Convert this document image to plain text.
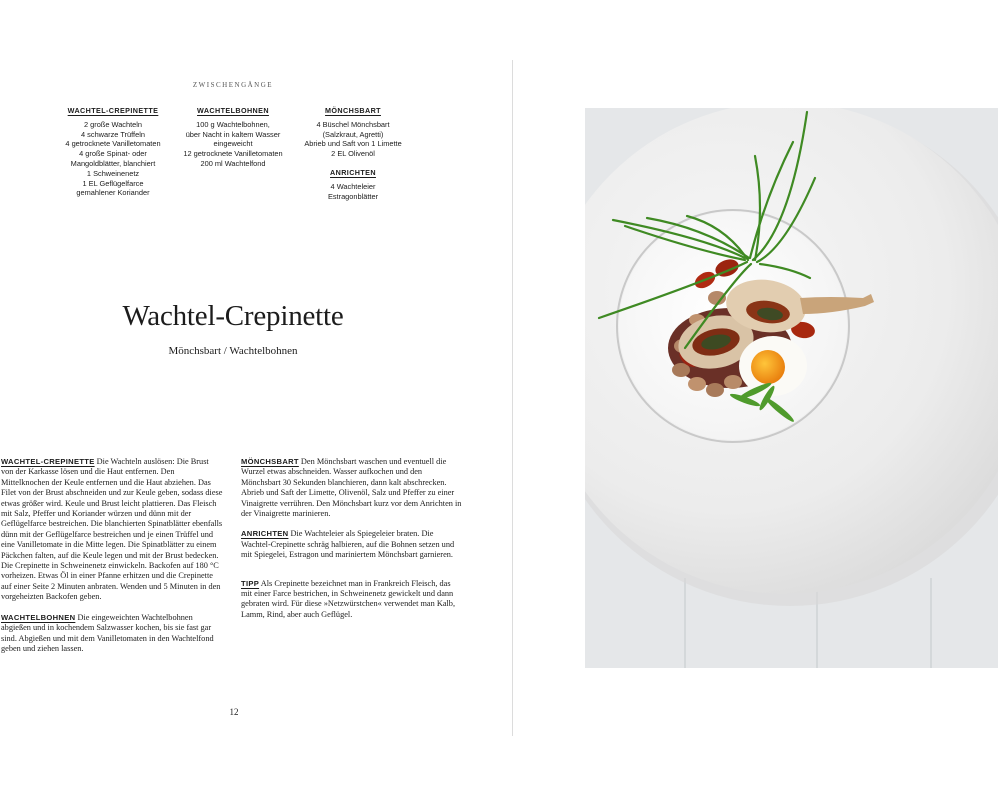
ZWISCHENGÄNGE
WACHTEL-CREPINETTE
2 große Wachteln
4 schwarze Trüffeln
4 getrocknete Vanilletomaten
4 große Spinat- oder
Mangoldblätter, blanchiert
1 Schweinenetz
1 EL Geflügelfarce
gemahlener Koriander
WACHTELBOHNEN
100 g Wachtelbohnen,
über Nacht in kaltem Wasser
eingeweicht
12 getrocknete Vanilletomaten
200 ml Wachtelfond
MÖNCHSBART
4 Büschel Mönchsbart
(Salzkraut, Agretti)
Abrieb und Saft von 1 Limette
2 EL Olivenöl
ANRICHTEN
4 Wachteleier
Estragonblätter
Wachtel-Crepinette
Mönchsbart / Wachtelbohnen

WACHTEL-CREPINETTE Die Wachteln auslösen: Die Brust von der Karkasse lösen und die Haut entfernen. Den Mittelknochen der Keule entfernen und die Haut abziehen. Das Filet von der Brust abschneiden und zur Keule geben, sodass diese etwas größer wird. Keule und Brust leicht plattieren. Das Fleisch mit Salz, Pfeffer und Koriander würzen und dünn mit der Geflügelfarce bestreichen. Die blanchierten Spinatblätter ebenfalls dünn mit der Geflügelfarce bestreichen und je einen Trüffel und eine Vanilletomate in die Mitte legen. Die Spinatblätter zu einem Päckchen falten, auf die Keule legen und mit der Brust bedecken. Die Crepinette in Schweinenetz einwickeln. Backofen auf 180 °C vorheizen. Etwas Öl in einer Pfanne erhitzen und die Crepinette auf einer Seite 2 Minuten anbraten. Wenden und 5 Minuten in den vorgeheizten Backofen geben.

WACHTELBOHNEN Die eingeweichten Wachtelbohnen abgießen und in kochendem Salzwasser kochen, bis sie fast gar sind. Abgießen und mit dem Vanilletomaten in den Wachtelfond geben und ziehen lassen.

MÖNCHSBART Den Mönchsbart waschen und eventuell die Wurzel etwas abschneiden. Wasser aufkochen und den Mönchsbart 30 Sekunden blanchieren, dann kalt abschrecken. Abrieb und Saft der Limette, Olivenöl, Salz und Pfeffer zu einer Vinaigrette verrühren. Den Mönchsbart kurz vor dem Anrichten in der Vinaigrette marinieren.

ANRICHTEN Die Wachteleier als Spiegeleier braten. Die Wachtel-Crepinette schräg halbieren, auf die Bohnen setzen und mit Spiegelei, Estragon und mariniertem Mönchsbart garnieren.

TIPP Als Crepinette bezeichnet man in Frankreich Fleisch, das mit einer Farce bestrichen, in Schweinenetz gewickelt und dann gebraten wird. Für diese »Netzwürstchen« verwendet man Kalb, Lamm, Rind, aber auch Geflügel.

12
